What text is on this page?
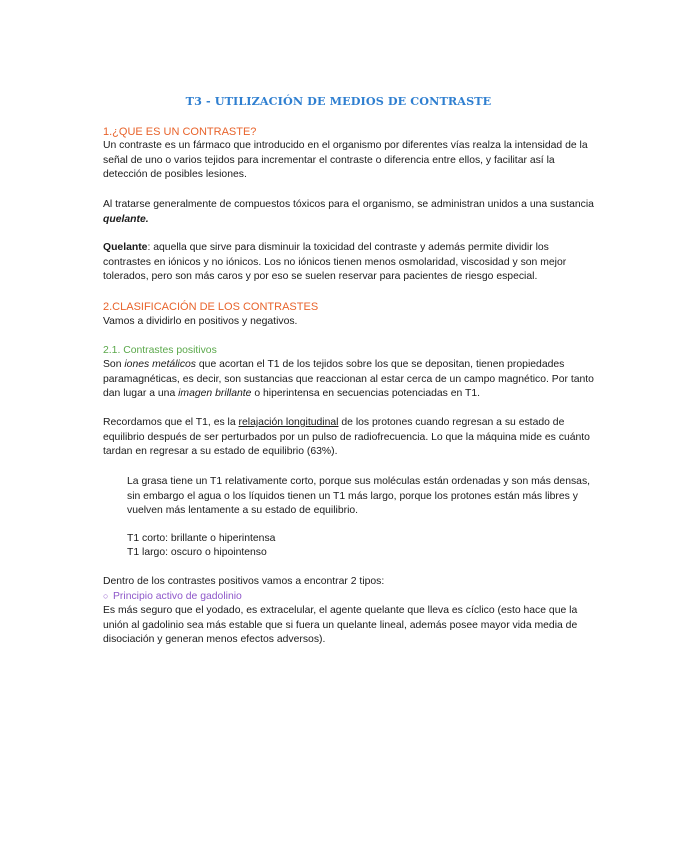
T3 - UTILIZACIÓN DE MEDIOS DE CONTRASTE
1.¿QUE ES UN CONTRASTE?
Un contraste es un fármaco que introducido en el organismo por diferentes vías realza la intensidad de la señal de uno o varios tejidos para incrementar el contraste o diferencia entre ellos, y facilitar así la detección de posibles lesiones.
Al tratarse generalmente de compuestos tóxicos para el organismo, se administran unidos a una sustancia quelante.
Quelante: aquella que sirve para disminuir la toxicidad del contraste y además permite dividir los contrastes en iónicos y no iónicos. Los no iónicos tienen menos osmolaridad, viscosidad y son mejor tolerados, pero son más caros y por eso se suelen reservar para pacientes de riesgo especial.
2.CLASIFICACIÓN DE LOS CONTRASTES
Vamos a dividirlo en positivos y negativos.
2.1. Contrastes positivos
Son iones metálicos que acortan el T1 de los tejidos sobre los que se depositan, tienen propiedades paramagnéticas, es decir, son sustancias que reaccionan al estar cerca de un campo magnético. Por tanto dan lugar a una imagen brillante o hiperintensa en secuencias potenciadas en T1.
Recordamos que el T1, es la relajación longitudinal de los protones cuando regresan a su estado de equilibrio después de ser perturbados por un pulso de radiofrecuencia. Lo que la máquina mide es cuánto tardan en regresar a su estado de equilibrio (63%).
La grasa tiene un T1 relativamente corto, porque sus moléculas están ordenadas y son más densas, sin embargo el agua o los líquidos tienen un T1 más largo, porque los protones están más libres y vuelven más lentamente a su estado de equilibrio.
T1 corto: brillante o hiperintensa
T1 largo: oscuro o hipointenso
Dentro de los contrastes positivos vamos a encontrar 2 tipos:
○ Principio activo de gadolinio
Es más seguro que el yodado, es extracelular, el agente quelante que lleva es cíclico (esto hace que la unión al gadolinio sea más estable que si fuera un quelante lineal, además posee mayor vida media de disociación y generan menos efectos adversos).
